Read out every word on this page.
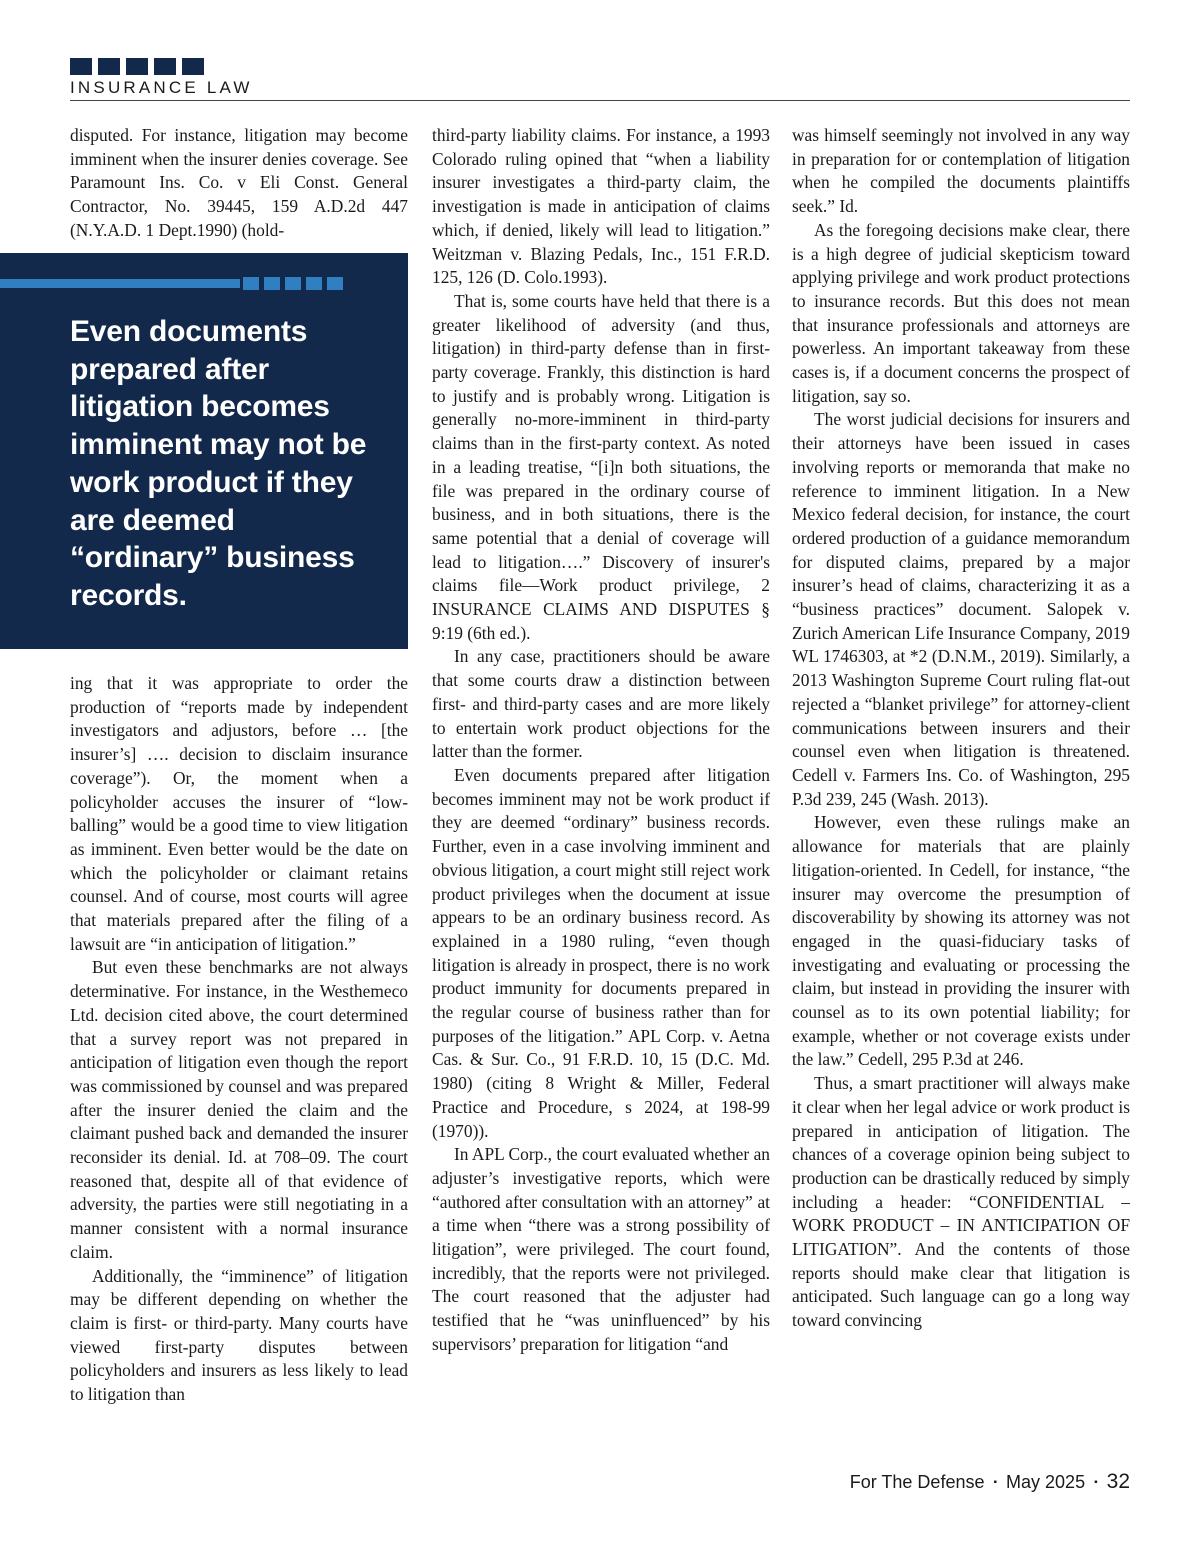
INSURANCE LAW

disputed. For instance, litigation may become imminent when the insurer denies coverage. See Paramount Ins. Co. v Eli Const. General Contractor, No. 39445, 159 A.D.2d 447 (N.Y.A.D. 1 Dept.1990) (hold-

Even documents prepared after litigation becomes imminent may not be work product if they are deemed “ordinary” business records.

ing that it was appropriate to order the production of “reports made by independent investigators and adjustors, before … [the insurer’s] …. decision to disclaim insurance coverage”). Or, the moment when a policyholder accuses the insurer of “low-balling” would be a good time to view litigation as imminent. Even better would be the date on which the policyholder or claimant retains counsel. And of course, most courts will agree that materials prepared after the filing of a lawsuit are “in anticipation of litigation.”

But even these benchmarks are not always determinative. For instance, in the Westhemeco Ltd. decision cited above, the court determined that a survey report was not prepared in anticipation of litigation even though the report was commissioned by counsel and was prepared after the insurer denied the claim and the claimant pushed back and demanded the insurer reconsider its denial. Id. at 708–09. The court reasoned that, despite all of that evidence of adversity, the parties were still negotiating in a manner consistent with a normal insurance claim.

Additionally, the “imminence” of litigation may be different depending on whether the claim is first- or third-party. Many courts have viewed first-party disputes between policyholders and insurers as less likely to lead to litigation than

third-party liability claims. For instance, a 1993 Colorado ruling opined that “when a liability insurer investigates a third-party claim, the investigation is made in anticipation of claims which, if denied, likely will lead to litigation.” Weitzman v. Blazing Pedals, Inc., 151 F.R.D. 125, 126 (D. Colo.1993).

That is, some courts have held that there is a greater likelihood of adversity (and thus, litigation) in third-party defense than in first-party coverage. Frankly, this distinction is hard to justify and is probably wrong. Litigation is generally no-more-imminent in third-party claims than in the first-party context. As noted in a leading treatise, “[i]n both situations, the file was prepared in the ordinary course of business, and in both situations, there is the same potential that a denial of coverage will lead to litigation….” Discovery of insurer's claims file—Work product privilege, 2 INSURANCE CLAIMS AND DISPUTES § 9:19 (6th ed.).

In any case, practitioners should be aware that some courts draw a distinction between first- and third-party cases and are more likely to entertain work product objections for the latter than the former.

Even documents prepared after litigation becomes imminent may not be work product if they are deemed “ordinary” business records. Further, even in a case involving imminent and obvious litigation, a court might still reject work product privileges when the document at issue appears to be an ordinary business record. As explained in a 1980 ruling, “even though litigation is already in prospect, there is no work product immunity for documents prepared in the regular course of business rather than for purposes of the litigation.” APL Corp. v. Aetna Cas. & Sur. Co., 91 F.R.D. 10, 15 (D.C. Md. 1980) (citing 8 Wright & Miller, Federal Practice and Procedure, s 2024, at 198-99 (1970)).

In APL Corp., the court evaluated whether an adjuster’s investigative reports, which were “authored after consultation with an attorney” at a time when “there was a strong possibility of litigation”, were privileged. The court found, incredibly, that the reports were not privileged. The court reasoned that the adjuster had testified that he “was uninfluenced” by his supervisors’ preparation for litigation “and

was himself seemingly not involved in any way in preparation for or contemplation of litigation when he compiled the documents plaintiffs seek.” Id.

As the foregoing decisions make clear, there is a high degree of judicial skepticism toward applying privilege and work product protections to insurance records. But this does not mean that insurance professionals and attorneys are powerless. An important takeaway from these cases is, if a document concerns the prospect of litigation, say so.

The worst judicial decisions for insurers and their attorneys have been issued in cases involving reports or memoranda that make no reference to imminent litigation. In a New Mexico federal decision, for instance, the court ordered production of a guidance memorandum for disputed claims, prepared by a major insurer’s head of claims, characterizing it as a “business practices” document. Salopek v. Zurich American Life Insurance Company, 2019 WL 1746303, at *2 (D.N.M., 2019). Similarly, a 2013 Washington Supreme Court ruling flat-out rejected a “blanket privilege” for attorney-client communications between insurers and their counsel even when litigation is threatened. Cedell v. Farmers Ins. Co. of Washington, 295 P.3d 239, 245 (Wash. 2013).

However, even these rulings make an allowance for materials that are plainly litigation-oriented. In Cedell, for instance, “the insurer may overcome the presumption of discoverability by showing its attorney was not engaged in the quasi-fiduciary tasks of investigating and evaluating or processing the claim, but instead in providing the insurer with counsel as to its own potential liability; for example, whether or not coverage exists under the law.” Cedell, 295 P.3d at 246.

Thus, a smart practitioner will always make it clear when her legal advice or work product is prepared in anticipation of litigation. The chances of a coverage opinion being subject to production can be drastically reduced by simply including a header: “CONFIDENTIAL – WORK PRODUCT – IN ANTICIPATION OF LITIGATION”. And the contents of those reports should make clear that litigation is anticipated. Such language can go a long way toward convincing

For The Defense ▪ May 2025 ▪ 32
